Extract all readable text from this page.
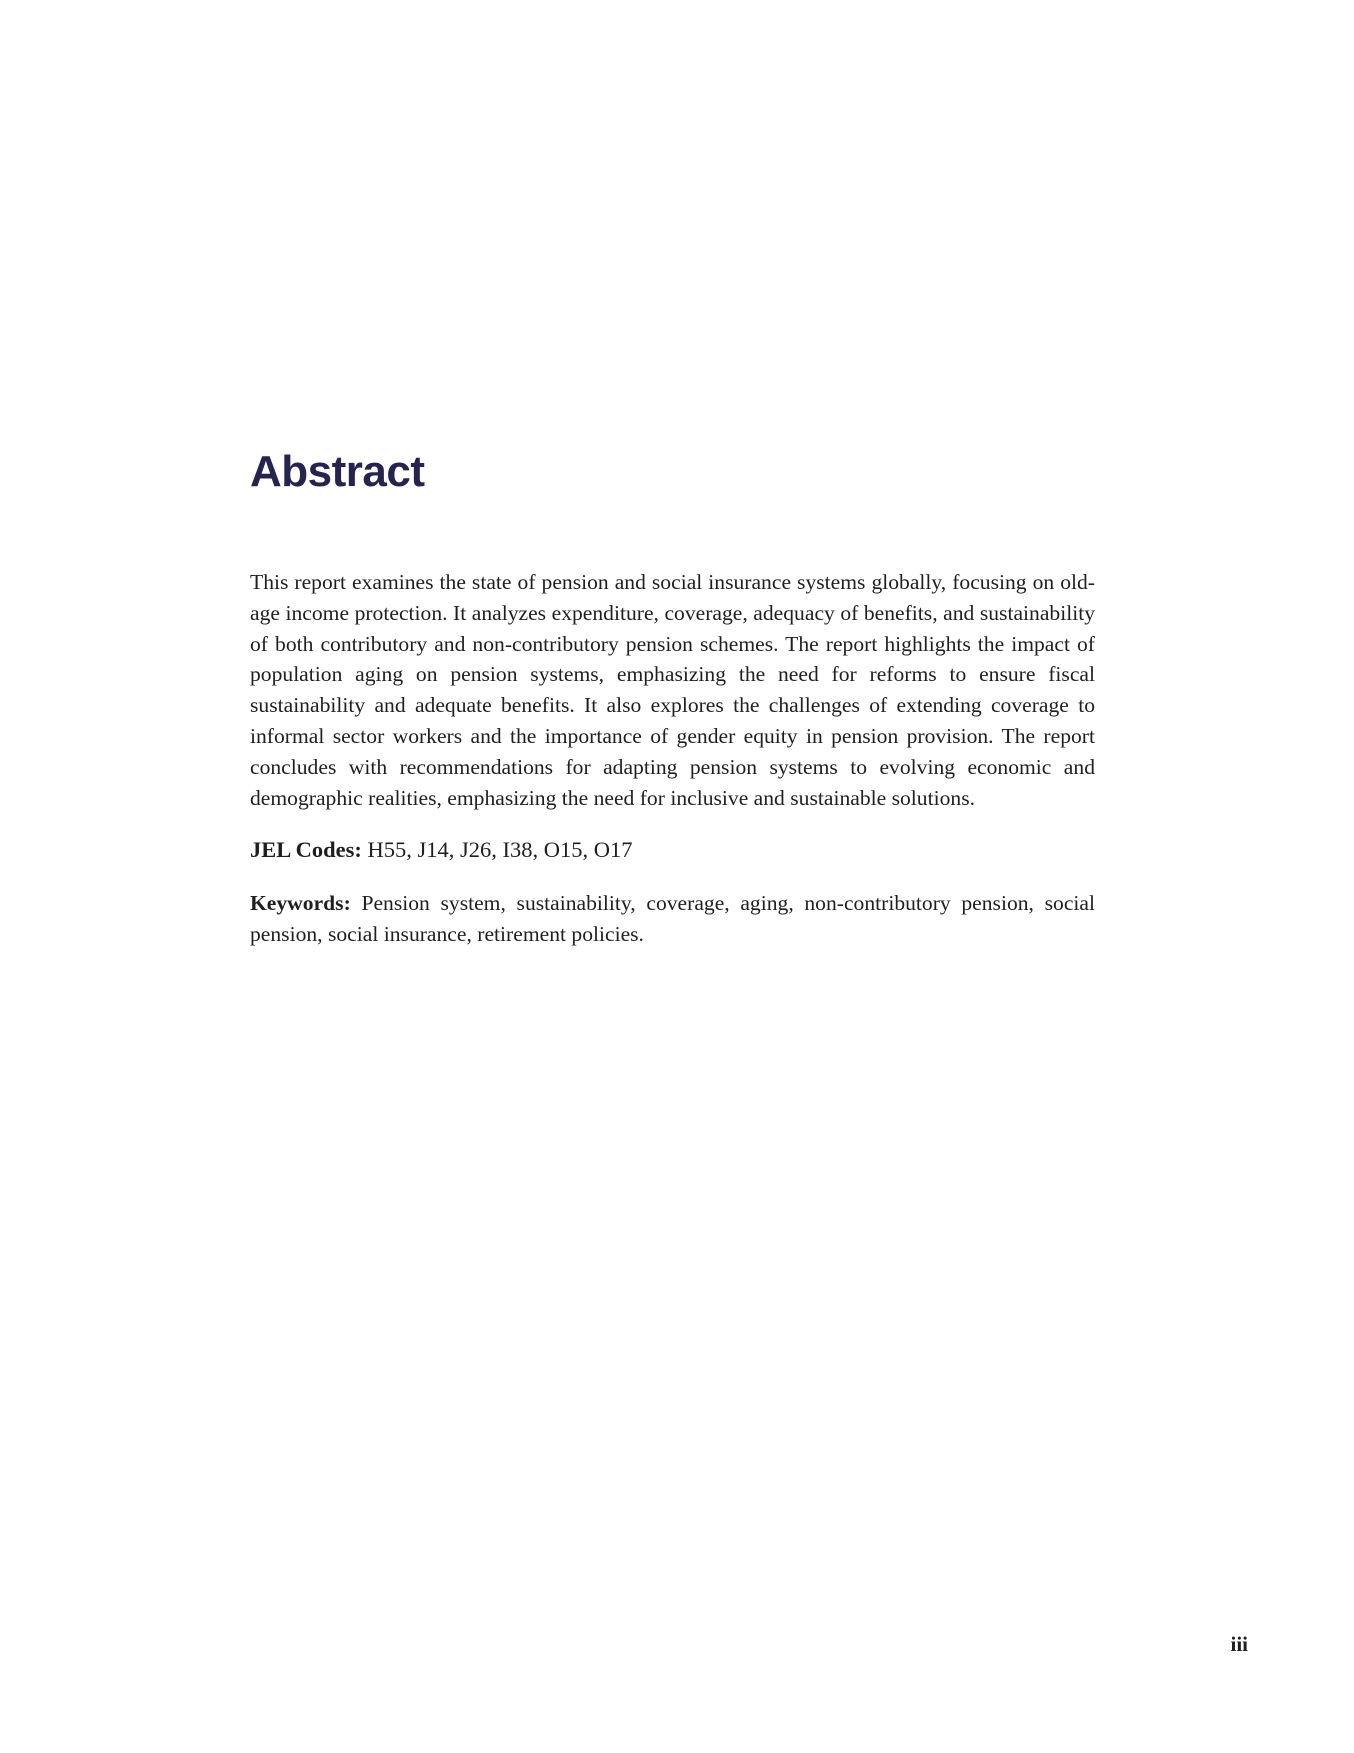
Abstract

This report examines the state of pension and social insurance systems globally, focusing on old-age income protection. It analyzes expenditure, coverage, adequacy of benefits, and sustainability of both contributory and non-contributory pension schemes. The report highlights the impact of population aging on pension systems, emphasizing the need for reforms to ensure fiscal sustainability and adequate benefits. It also explores the challenges of extending coverage to informal sector workers and the importance of gender equity in pension provision. The report concludes with recommendations for adapting pension systems to evolving economic and demographic realities, emphasizing the need for inclusive and sustainable solutions.

JEL Codes: H55, J14, J26, I38, O15, O17

Keywords: Pension system, sustainability, coverage, aging, non-contributory pension, social pension, social insurance, retirement policies.

iii
